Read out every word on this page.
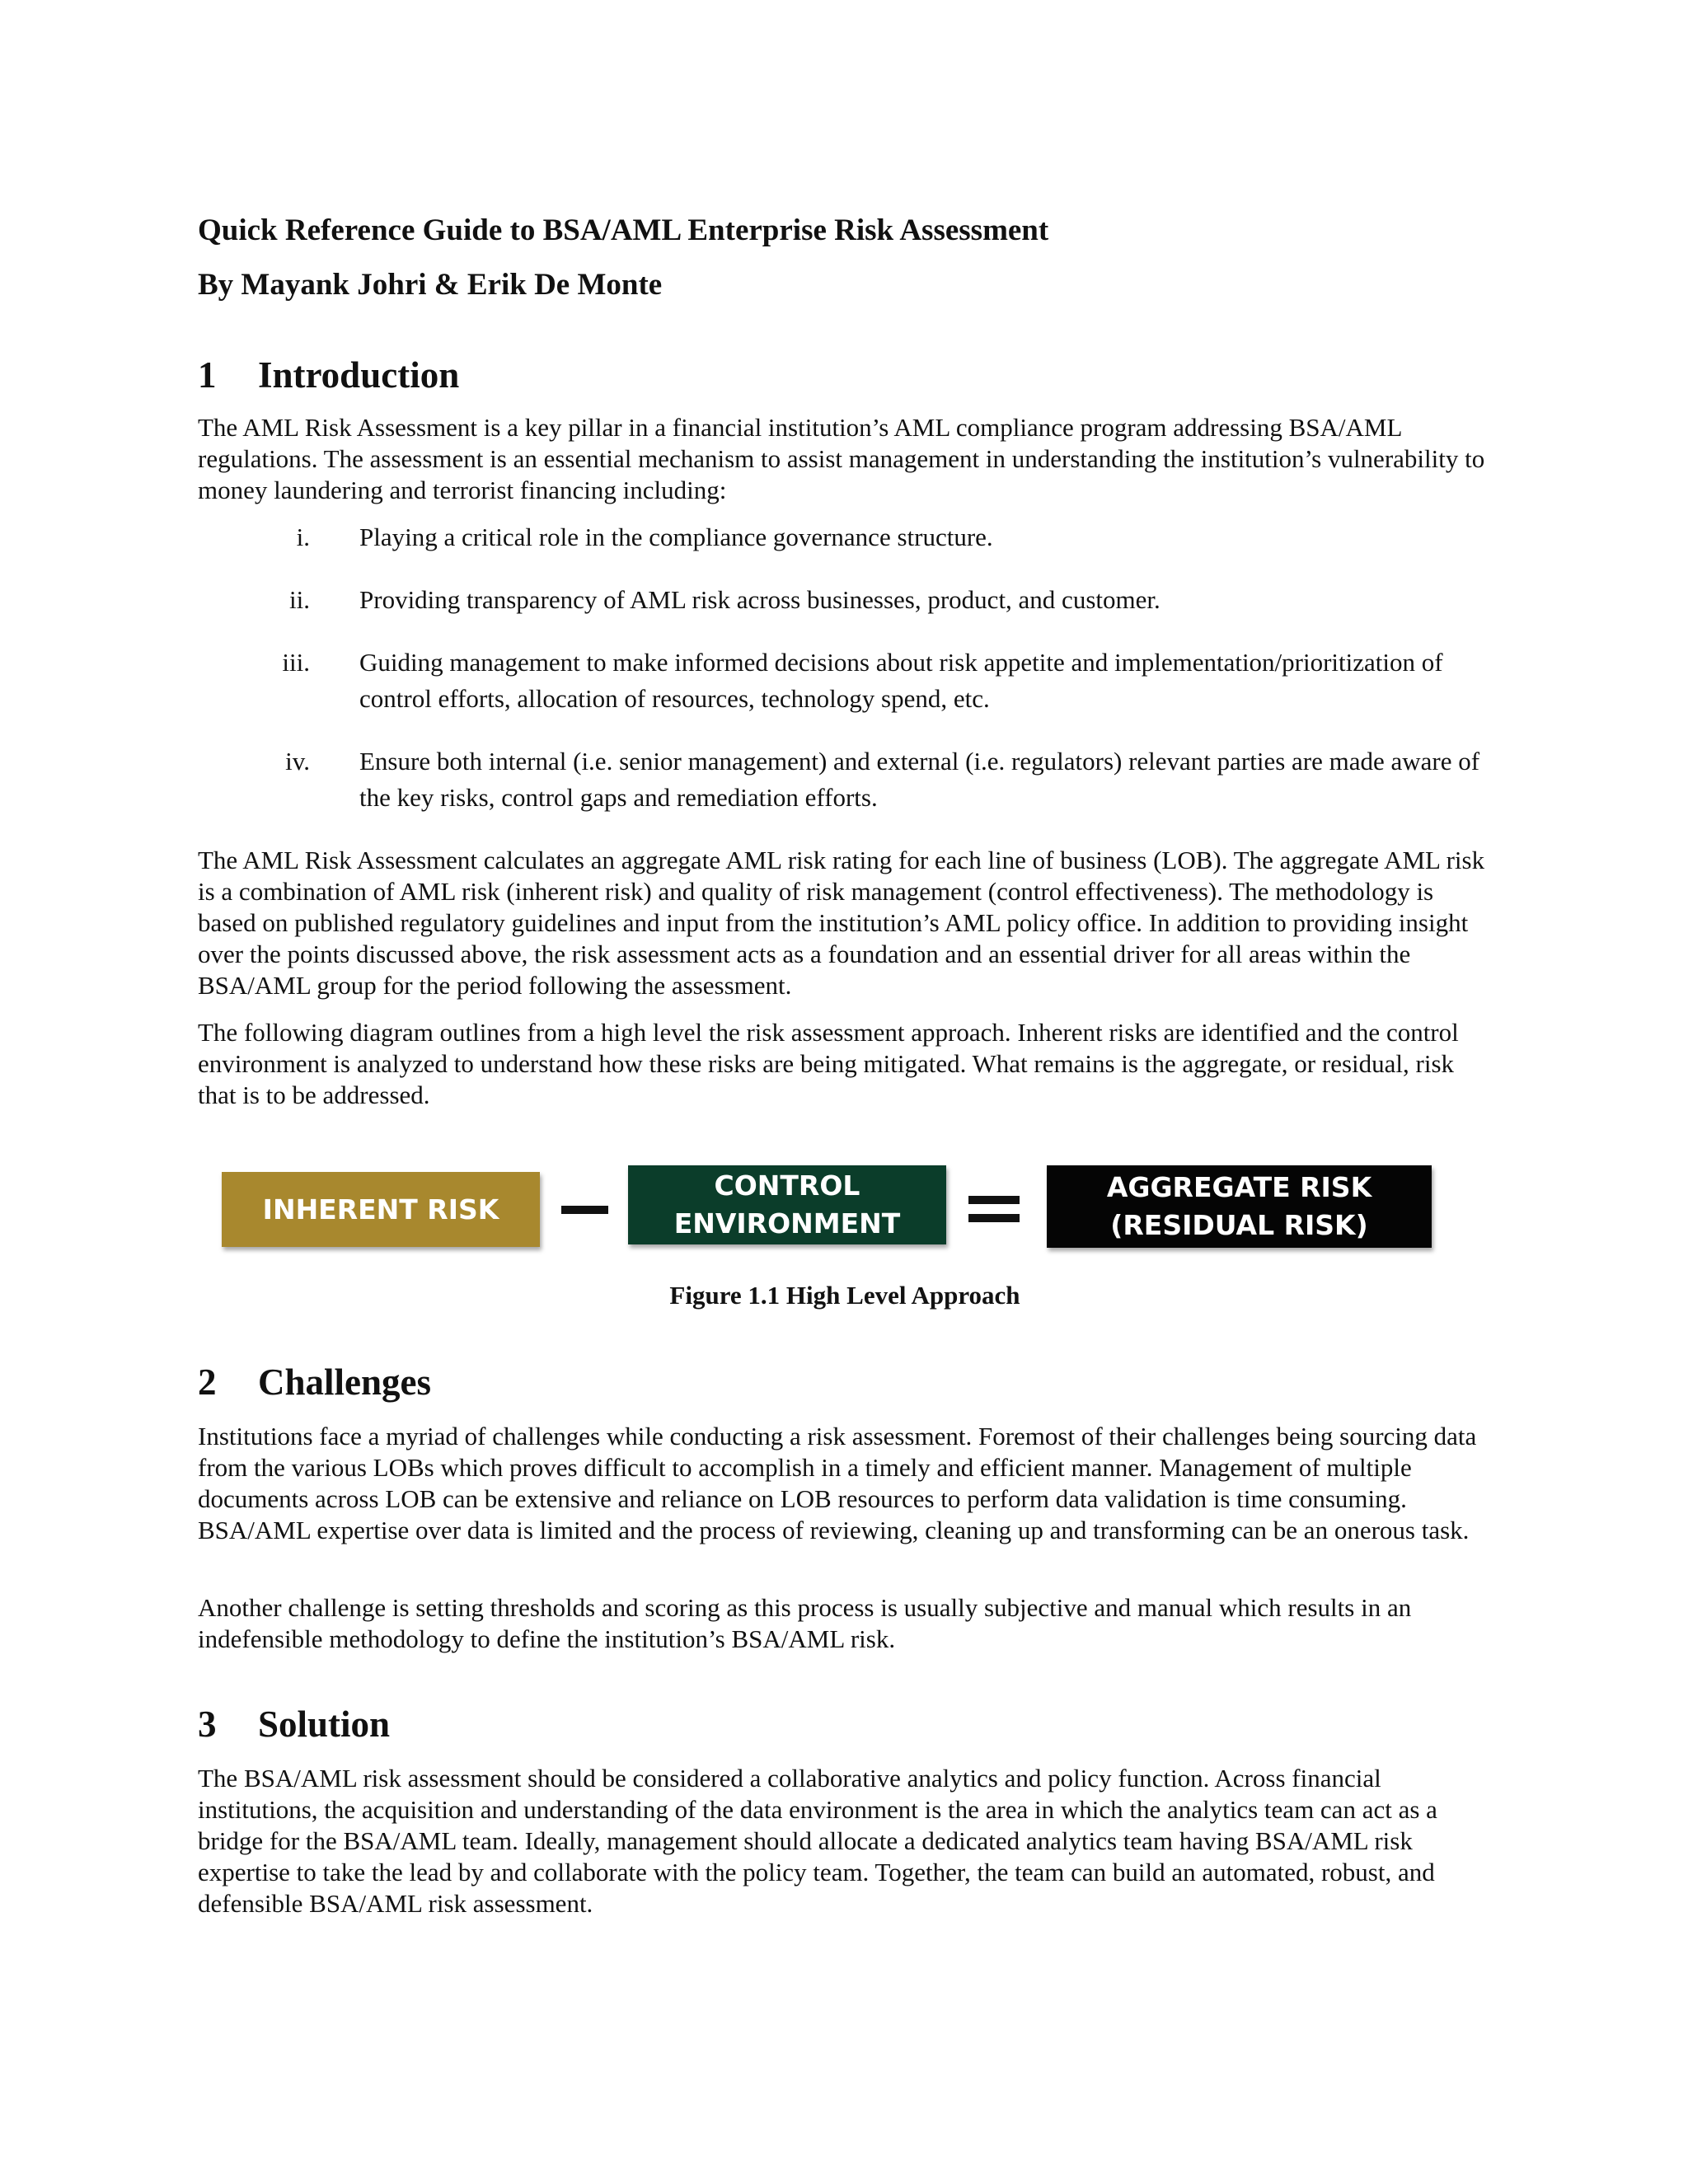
Quick Reference Guide to BSA/AML Enterprise Risk Assessment
By Mayank Johri & Erik De Monte
1 Introduction
The AML Risk Assessment is a key pillar in a financial institution’s AML compliance program addressing BSA/AML regulations. The assessment is an essential mechanism to assist management in understanding the institution’s vulnerability to money laundering and terrorist financing including:
i. Playing a critical role in the compliance governance structure.
ii. Providing transparency of AML risk across businesses, product, and customer.
iii. Guiding management to make informed decisions about risk appetite and implementation/prioritization of control efforts, allocation of resources, technology spend, etc.
iv. Ensure both internal (i.e. senior management) and external (i.e. regulators) relevant parties are made aware of the key risks, control gaps and remediation efforts.
The AML Risk Assessment calculates an aggregate AML risk rating for each line of business (LOB). The aggregate AML risk is a combination of AML risk (inherent risk) and quality of risk management (control effectiveness). The methodology is based on published regulatory guidelines and input from the institution’s AML policy office. In addition to providing insight over the points discussed above, the risk assessment acts as a foundation and an essential driver for all areas within the BSA/AML group for the period following the assessment.
The following diagram outlines from a high level the risk assessment approach. Inherent risks are identified and the control environment is analyzed to understand how these risks are being mitigated. What remains is the aggregate, or residual, risk that is to be addressed.
INHERENT RISK
CONTROL
ENVIRONMENT
AGGREGATE RISK
(RESIDUAL RISK)
Figure 1.1 High Level Approach
2 Challenges
Institutions face a myriad of challenges while conducting a risk assessment. Foremost of their challenges being sourcing data from the various LOBs which proves difficult to accomplish in a timely and efficient manner. Management of multiple documents across LOB can be extensive and reliance on LOB resources to perform data validation is time consuming. BSA/AML expertise over data is limited and the process of reviewing, cleaning up and transforming can be an onerous task.
Another challenge is setting thresholds and scoring as this process is usually subjective and manual which results in an indefensible methodology to define the institution’s BSA/AML risk.
3 Solution
The BSA/AML risk assessment should be considered a collaborative analytics and policy function. Across financial institutions, the acquisition and understanding of the data environment is the area in which the analytics team can act as a bridge for the BSA/AML team. Ideally, management should allocate a dedicated analytics team having BSA/AML risk expertise to take the lead by and collaborate with the policy team. Together, the team can build an automated, robust, and defensible BSA/AML risk assessment.
